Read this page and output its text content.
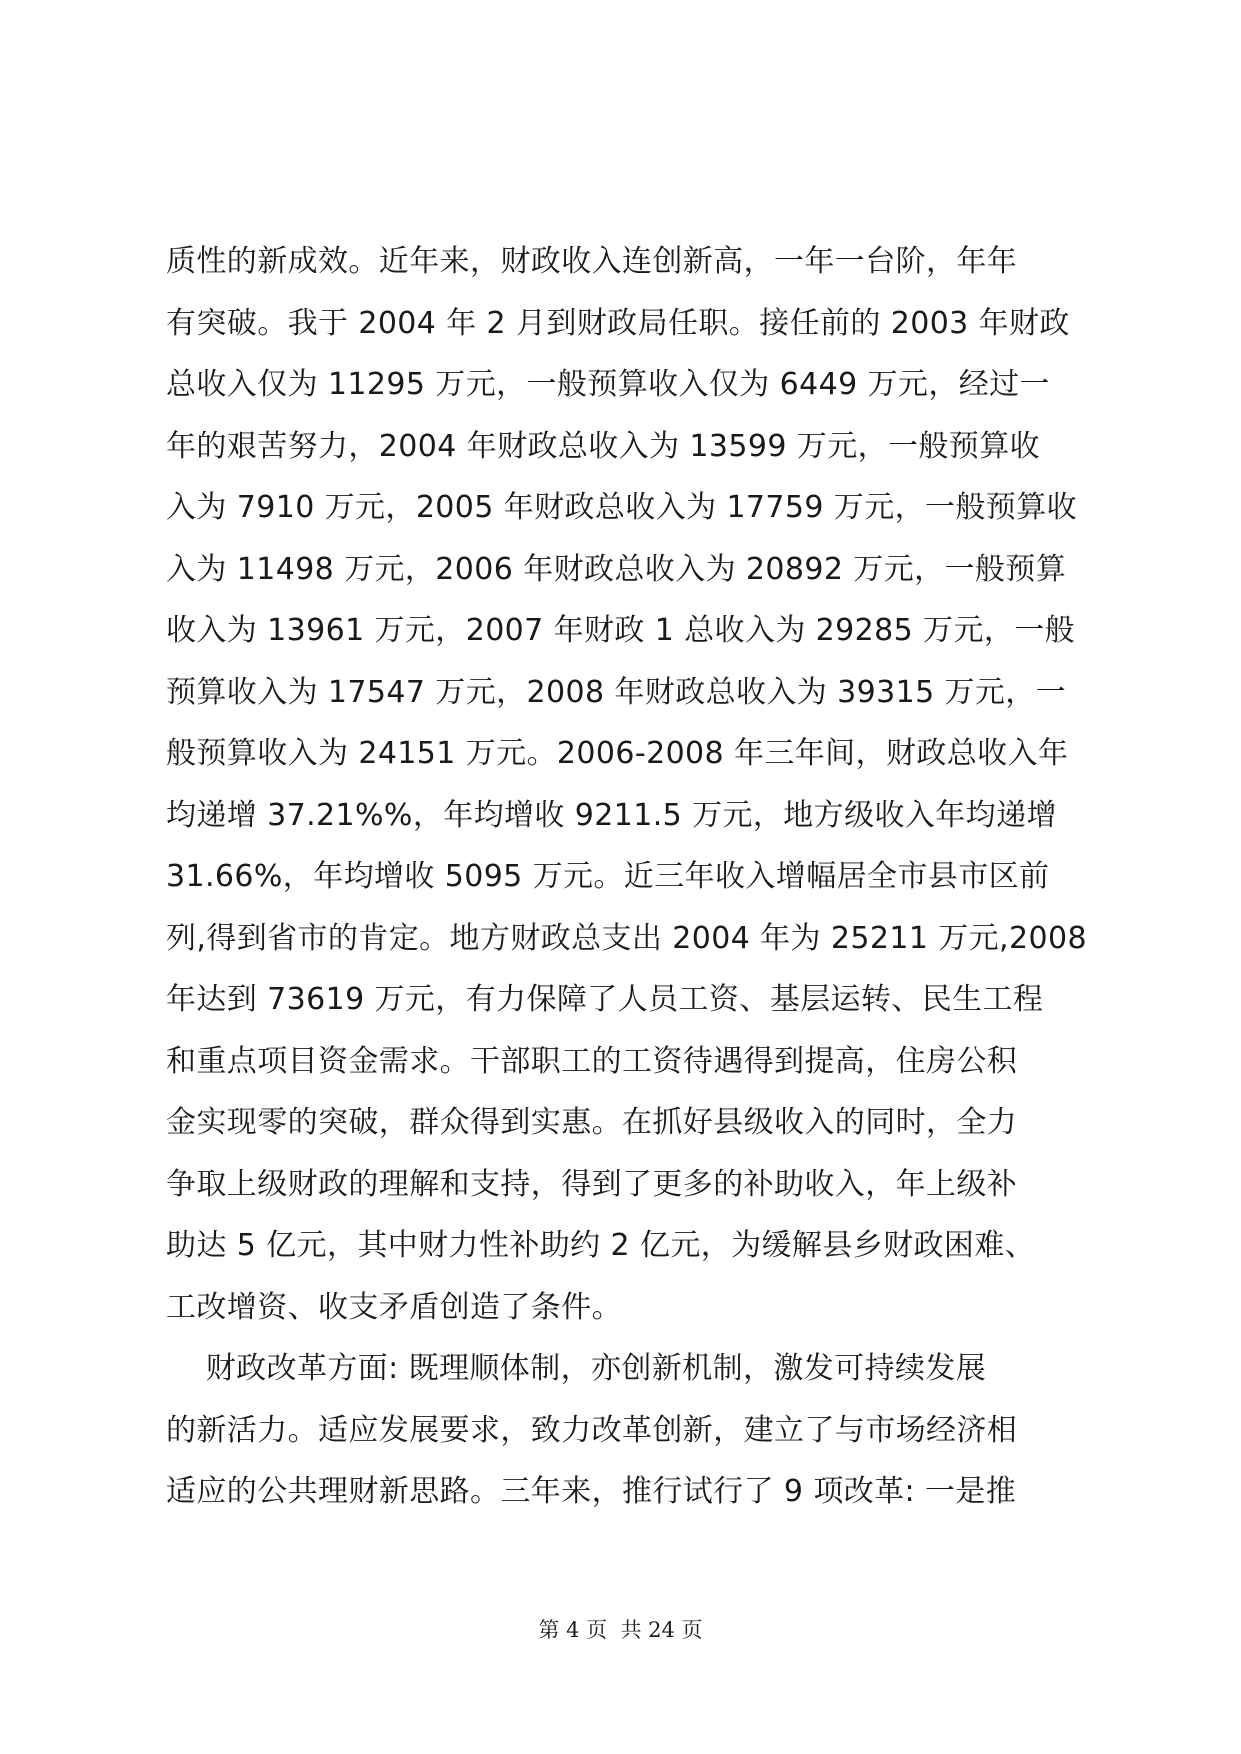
质性的新成效。近年来，财政收入连创新高，一年一台阶，年年
有突破。我于 2004 年 2 月到财政局任职。接任前的 2003 年财政
总收入仅为 11295 万元，一般预算收入仅为 6449 万元，经过一
年的艰苦努力，2004 年财政总收入为 13599 万元，一般预算收
入为 7910 万元，2005 年财政总收入为 17759 万元，一般预算收
入为 11498 万元，2006 年财政总收入为 20892 万元，一般预算
收入为 13961 万元，2007 年财政 1 总收入为 29285 万元，一般
预算收入为 17547 万元，2008 年财政总收入为 39315 万元，一
般预算收入为 24151 万元。2006-2008 年三年间，财政总收入年
均递增 37.21%%，年均增收 9211.5 万元，地方级收入年均递增
31.66%，年均增收 5095 万元。近三年收入增幅居全市县市区前
列,得到省市的肯定。地方财政总支出 2004 年为 25211 万元,2008
年达到 73619 万元，有力保障了人员工资、基层运转、民生工程
和重点项目资金需求。干部职工的工资待遇得到提高，住房公积
金实现零的突破，群众得到实惠。在抓好县级收入的同时，全力
争取上级财政的理解和支持，得到了更多的补助收入，年上级补
助达 5 亿元，其中财力性补助约 2 亿元，为缓解县乡财政困难、
工改增资、收支矛盾创造了条件。
财政改革方面: 既理顺体制，亦创新机制，激发可持续发展
的新活力。适应发展要求，致力改革创新，建立了与市场经济相
适应的公共理财新思路。三年来，推行试行了 9 项改革: 一是推
第 4 页  共 24 页
